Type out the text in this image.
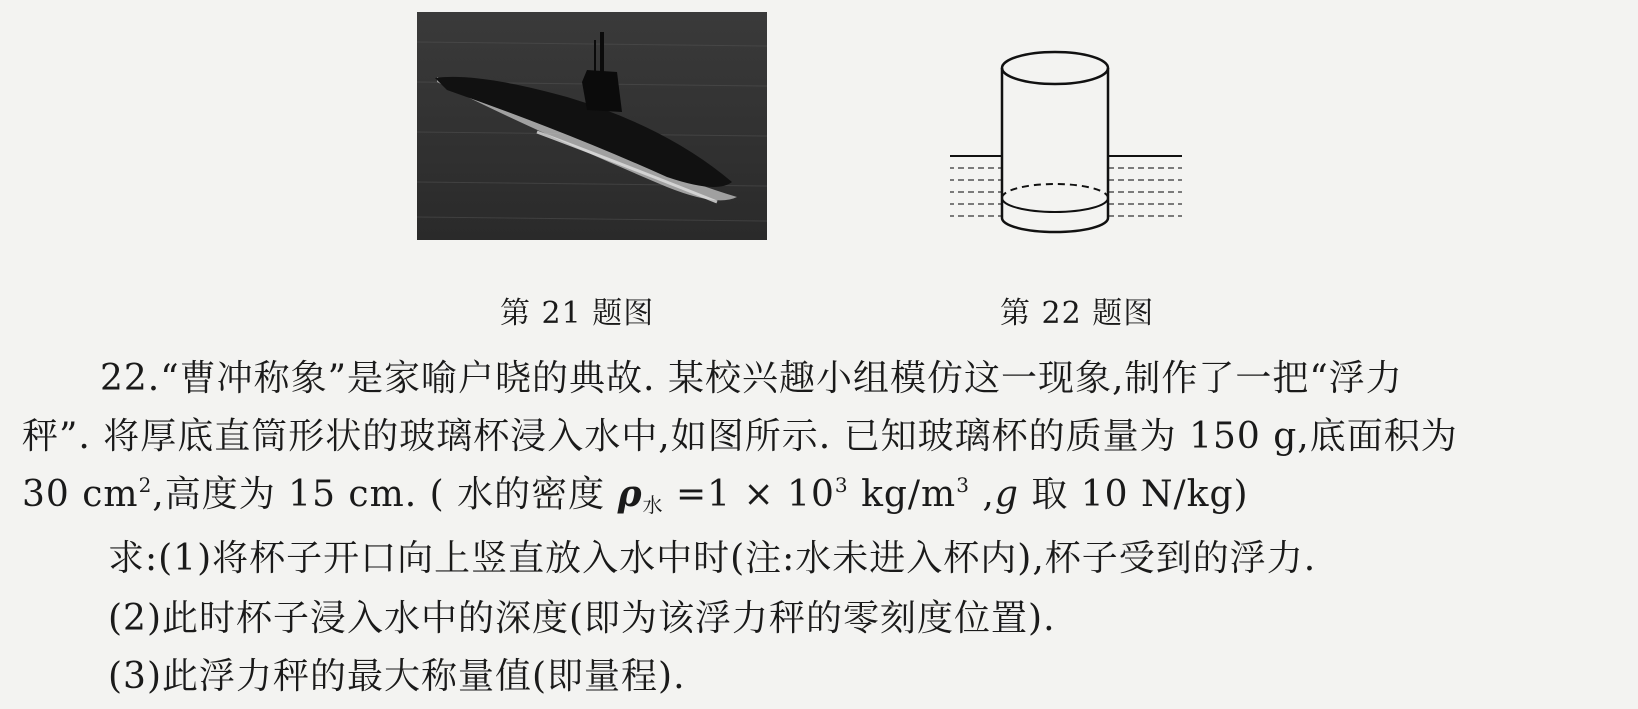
第 21 题图	第 22 题图
22.“曹冲称象”是家喻户晓的典故. 某校兴趣小组模仿这一现象,制作了一把“浮力
秤”. 将厚底直筒形状的玻璃杯浸入水中,如图所示. 已知玻璃杯的质量为 150 g,底面积为
30 $cm^2$,高度为 15 cm. ( 水的密度 $\rho_水 =1 \times 10^3$ $kg/m^3$ ,g 取 10 N/kg)
求:(1)将杯子开口向上竖直放入水中时(注:水未进入杯内),杯子受到的浮力.
(2)此时杯子浸入水中的深度(即为该浮力秤的零刻度位置).
(3)此浮力秤的最大称量值(即量程).
